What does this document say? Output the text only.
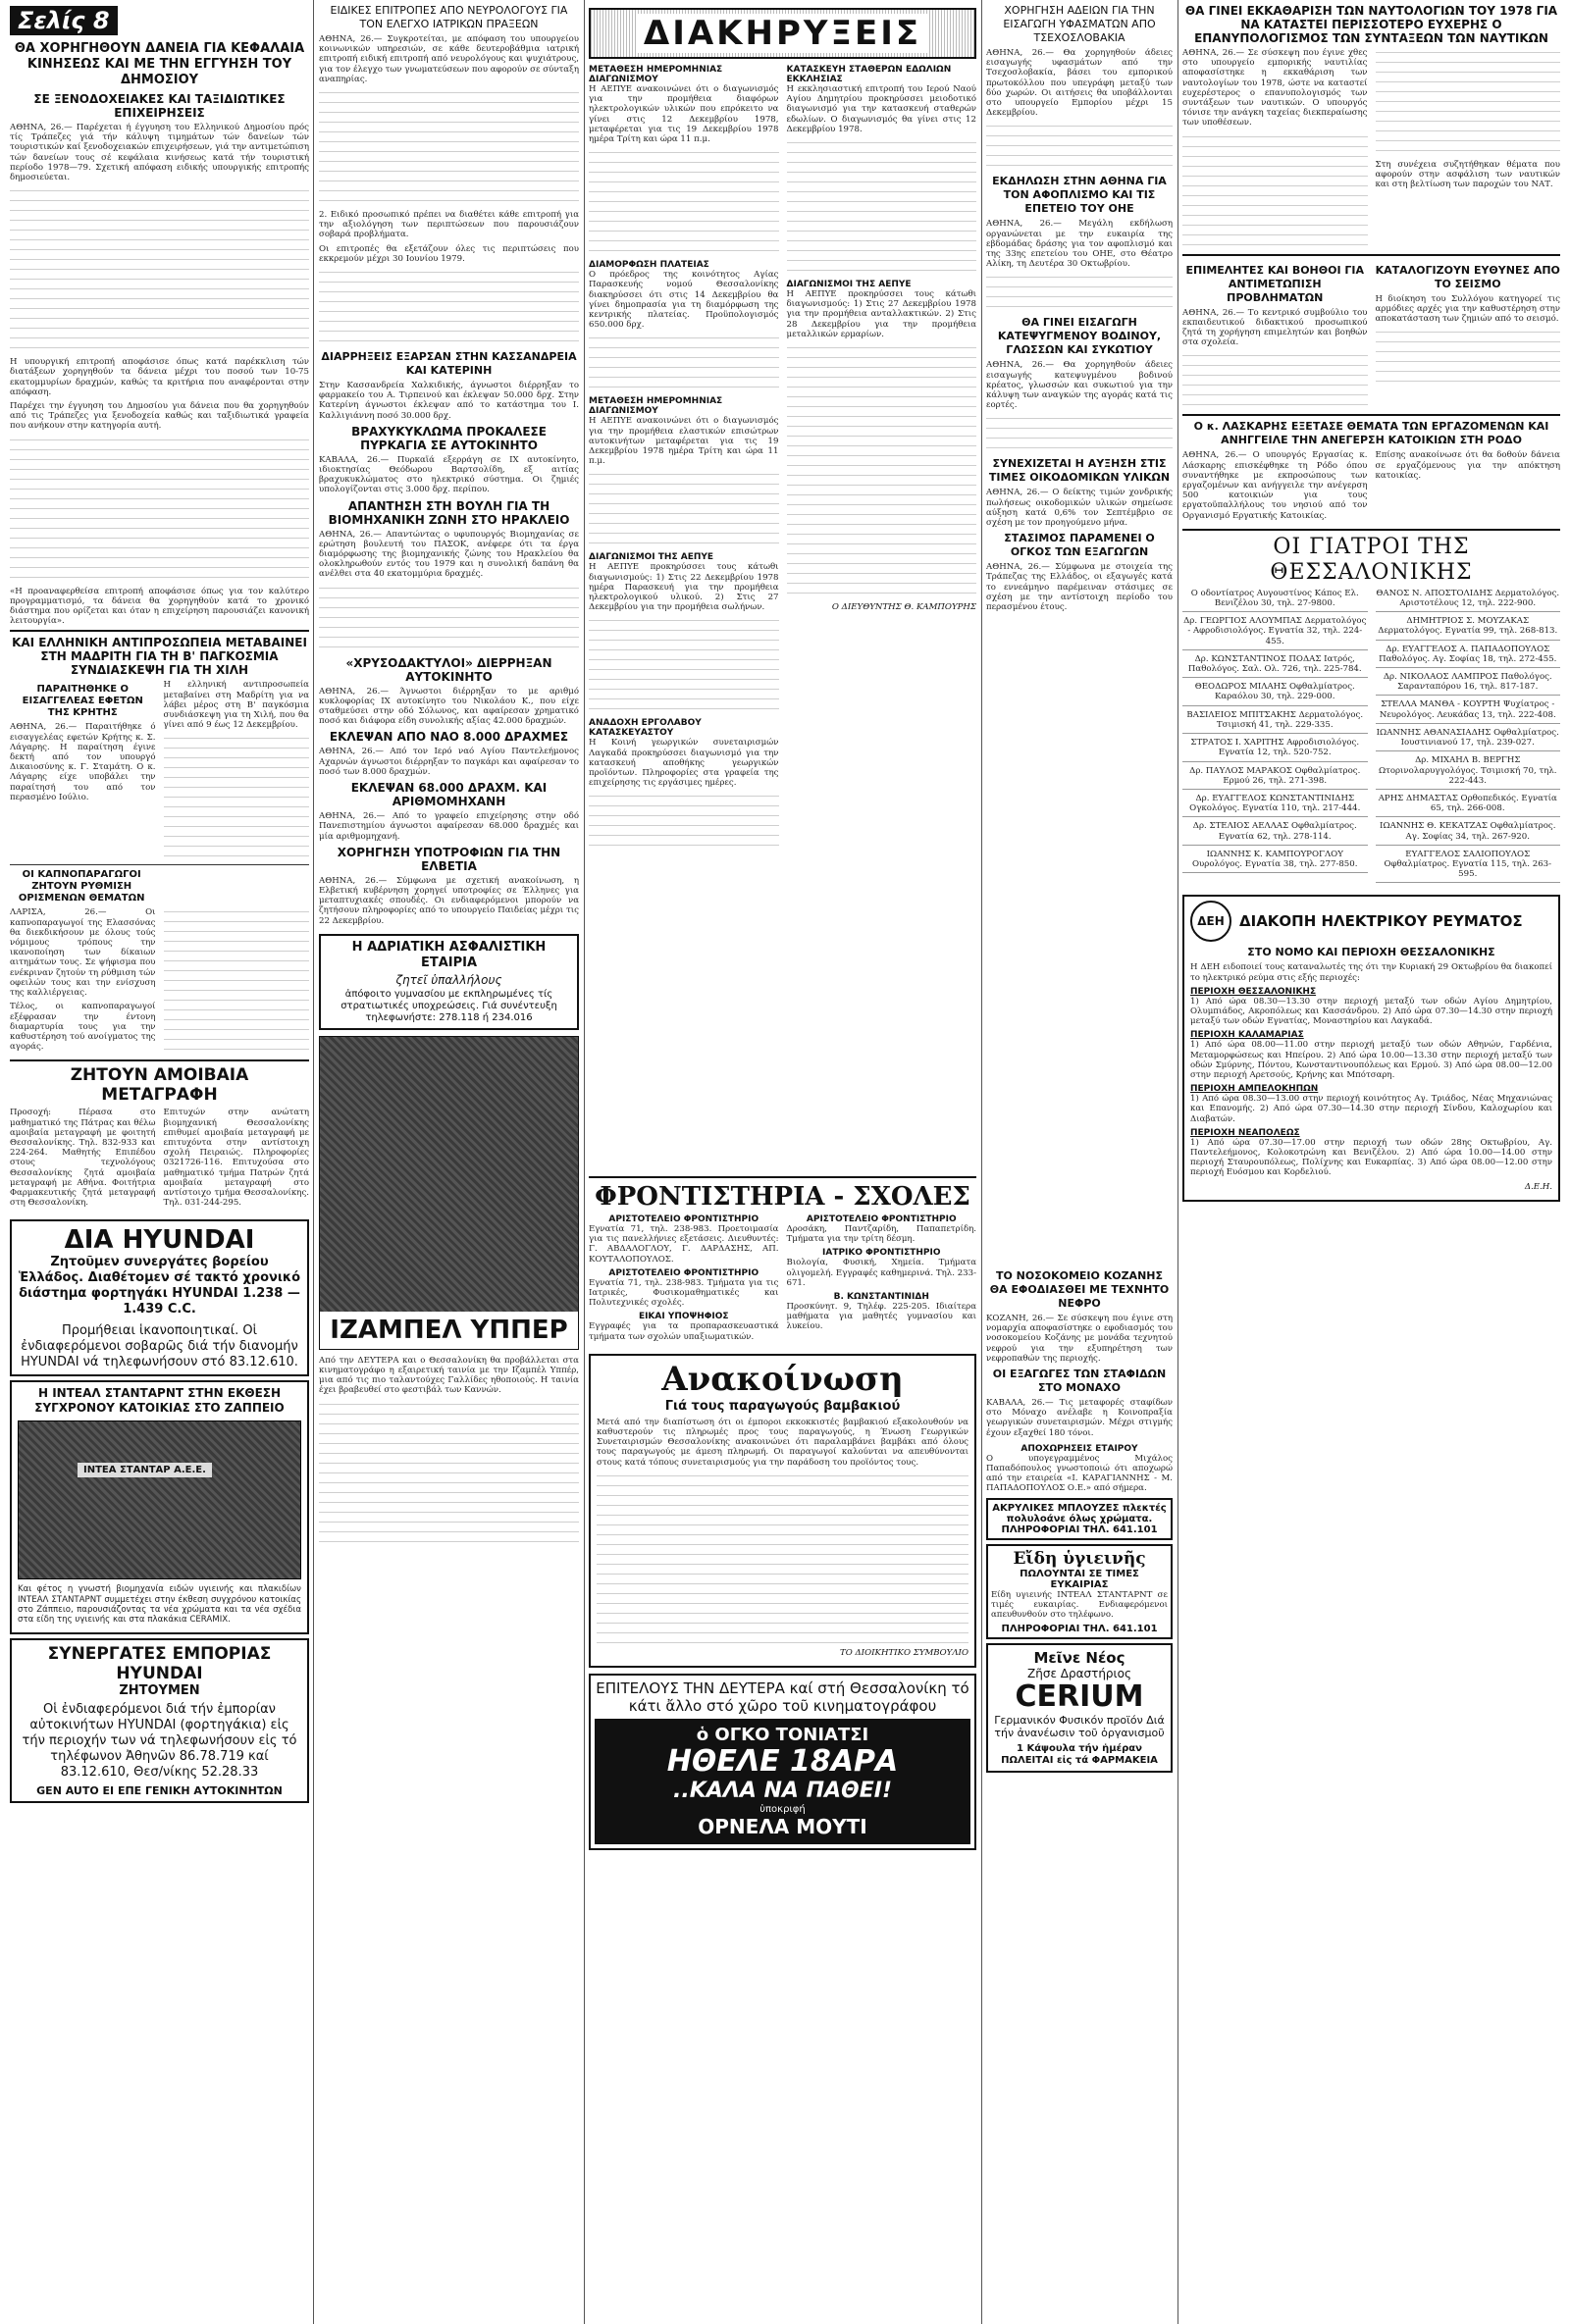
Σελίς 8
ΘΑ ΧΟΡΗΓΗΘΟΥΝ ΔΑΝΕΙΑ ΓΙΑ ΚΕΦΑΛΑΙΑ ΚΙΝΗΣΕΩΣ ΚΑΙ ΜΕ ΤΗΝ ΕΓΓΥΗΣΗ ΤΟΥ ΔΗΜΟΣΙΟΥ
ΣΕ ΞΕΝΟΔΟΧΕΙΑΚΕΣ ΚΑΙ ΤΑΞΙΔΙΩΤΙΚΕΣ ΕΠΙΧΕΙΡΗΣΕΙΣ

ΑΘΗΝΑ, 26.— Παρέχεται ή έγγυηση του Ελληνικού Δημοσίου πρός τίς Τράπεζες γιά τήν κάλυψη τιμημάτων τών δανείων τών τουριστικών καί ξενοδοχειακών επιχειρήσεων, γιά την αντιμετώπιση τών δανείων τους σέ κεφάλαια κινήσεως κατά τήν τουριστική περίοδο 1978—79. Σχετική απόφαση ειδικής υπουργικής επιτροπής δημοσιεύεται.

Η υπουργική επιτροπή αποφάσισε όπως κατά παρέκκλιση τών διατάξεων χορηγηθούν τα δάνεια μέχρι του ποσού των 10-75 εκατομμυρίων δραχμών, καθώς τα κριτήρια που αναφέρονται στην απόφαση.

Παρέχει την έγγυηση του Δημοσίου για δάνεια που θα χορηγηθούν από τις Τράπεζες για ξενοδοχεία καθώς και ταξιδιωτικά γραφεία που ανήκουν στην κατηγορία αυτή.

«Η προαναφερθείσα επιτροπή αποφάσισε όπως για τον καλύτερο προγραμματισμό, τα δάνεια θα χορηγηθούν κατά το χρονικό διάστημα που ορίζεται και όταν η επιχείρηση παρουσιάζει κανονική λειτουργία».

ΚΑΙ ΕΛΛΗΝΙΚΗ ΑΝΤΙΠΡΟΣΩΠΕΙΑ ΜΕΤΑΒΑΙΝΕΙ ΣΤΗ ΜΑΔΡΙΤΗ ΓΙΑ ΤΗ Β' ΠΑΓΚΟΣΜΙΑ ΣΥΝΔΙΑΣΚΕΨΗ ΓΙΑ ΤΗ ΧΙΛΗ
ΠΑΡΑΙΤΗΘΗΚΕ Ο ΕΙΣΑΓΓΕΛΕΑΣ ΕΦΕΤΩΝ ΤΗΣ ΚΡΗΤΗΣ

ΑΘΗΝΑ, 26.— Παραιτήθηκε ό εισαγγελέας εφετών Κρήτης κ. Σ. Λάγαρης. Η παραίτηση έγινε δεκτή από τον υπουργό Δικαιοσύνης κ. Γ. Σταμάτη. Ο κ. Λάγαρης είχε υποβάλει την παραίτησή του από τον περασμένο Ιούλιο.

Η ελληνική αντιπροσωπεία μεταβαίνει στη Μαδρίτη για να λάβει μέρος στη Β' παγκόσμια συνδιάσκεψη για τη Χιλή, που θα γίνει από 9 έως 12 Δεκεμβρίου.

ΟΙ ΚΑΠΝΟΠΑΡΑΓΩΓΟΙ ΖΗΤΟΥΝ ΡΥΘΜΙΣΗ ΟΡΙΣΜΕΝΩΝ ΘΕΜΑΤΩΝ

ΛΑΡΙΣΑ, 26.— Οι καπνοπαραγωγοί της Ελασσόνας θα διεκδικήσουν με όλους τούς νόμιμους τρόπους την ικανοποίηση των δίκαιων αιτημάτων τους. Σε ψήφισμα που ενέκριναν ζητούν τη ρύθμιση τών οφειλών τους και την ενίσχυση της καλλιέργειας.

Τέλος, οι καπνοπαραγωγοί εξέφρασαν την έντονη διαμαρτυρία τους για την καθυστέρηση τού ανοίγματος της αγοράς.

ΖΗΤΟΥΝ ΑΜΟΙΒΑΙΑ ΜΕΤΑΓΡΑΦΗ

Προσοχή: Πέρασα στο μαθηματικό της Πάτρας και θέλω αμοιβαία μεταγραφή με φοιτητή Θεσσαλονίκης. Τηλ. 832-933 και 224-264. Μαθητής Επιπέδου στους τεχνολόγους Θεσσαλονίκης ζητά αμοιβαία μεταγραφή με Αθήνα. Φοιτήτρια Φαρμακευτικής ζητά μεταγραφή στη Θεσσαλονίκη.

Επιτυχών στην ανώτατη βιομηχανική Θεσσαλονίκης επιθυμεί αμοιβαία μεταγραφή με επιτυχόντα στην αντίστοιχη σχολή Πειραιώς. Πληροφορίες 0321726-116. Επιτυχούσα στο μαθηματικό τμήμα Πατρών ζητά αμοιβαία μεταγραφή στο αντίστοιχο τμήμα Θεσσαλονίκης. Τηλ. 031-244-295.

ΔΙΑ HYUNDAI
Ζητοῦμεν συνεργάτες βορείου Ἑλλάδος. Διαθέτομεν σέ τακτό χρονικό διάστημα φορτηγάκι HYUNDAI 1.238 — 1.439 C.C.
Προμήθειαι ἱκανοποιητικαί. Οἱ ἐνδιαφερόμενοι σοβαρῶς διά τήν διανομήν HYUNDAI νά τηλεφωνήσουν στό 83.12.610.
Η ΙΝΤΕΑΛ ΣΤΑΝΤΑΡΝΤ ΣΤΗΝ ΕΚΘΕΣΗ ΣΥΓΧΡΟΝΟΥ ΚΑΤΟΙΚΙΑΣ ΣΤΟ ΖΑΠΠΕΙΟ
ΙΝΤΕΑ ΣΤΑΝΤΑΡ Α.Ε.Ε.

Και φέτος η γνωστή βιομηχανία ειδών υγιεινής και πλακιδίων ΙΝΤΕΑΛ ΣΤΑΝΤΑΡΝΤ συμμετέχει στην έκθεση συγχρόνου κατοικίας στο Ζάππειο, παρουσιάζοντας τα νέα χρώματα και τα νέα σχέδια στα είδη της υγιεινής και στα πλακάκια CERAMIX.

ΣΥΝΕΡΓΑΤΕΣ ΕΜΠΟΡΙΑΣ HYUNDAI
ΖΗΤΟΥΜΕΝ
Οἱ ἐνδιαφερόμενοι διά τήν ἐμπορίαν αὐτοκινήτων HYUNDAI (φορτηγάκια) εἰς τήν περιοχήν των νά τηλεφωνήσουν εἰς τό τηλέφωνον Ἀθηνῶν 86.78.719 καί 83.12.610, Θεσ/νίκης 52.28.33
GEN AUTO ΕΙ ΕΠΕ ΓΕΝΙΚΗ ΑΥΤΟΚΙΝΗΤΩΝ
ΕΙΔΙΚΕΣ ΕΠΙΤΡΟΠΕΣ ΑΠΟ ΝΕΥΡΟΛΟΓΟΥΣ ΓΙΑ ΤΟΝ ΕΛΕΓΧΟ ΙΑΤΡΙΚΩΝ ΠΡΑΞΕΩΝ

ΑΘΗΝΑ, 26.— Συγκροτείται, με απόφαση του υπουργείου κοινωνικών υπηρεσιών, σε κάθε δευτεροβάθμια ιατρική επιτροπή ειδική επιτροπή από νευρολόγους και ψυχιάτρους, για τον έλεγχο των γνωματεύσεων που αφορούν σε σύνταξη αναπηρίας.

2. Ειδικό προσωπικό πρέπει να διαθέτει κάθε επιτροπή για την αξιολόγηση των περιπτώσεων που παρουσιάζουν σοβαρά προβλήματα.

Οι επιτροπές θα εξετάζουν όλες τις περιπτώσεις που εκκρεμούν μέχρι 30 Ιουνίου 1979.

ΔΙΑΡΡΗΞΕΙΣ ΕΞΑΡΣΑΝ ΣΤΗΝ ΚΑΣΣΑΝΔΡΕΙΑ ΚΑΙ ΚΑΤΕΡΙΝΗ

Στην Κασσανδρεία Χαλκιδικής, άγνωστοι διέρρηξαν το φαρμακείο του Α. Τιρπεινού και έκλεψαν 50.000 δρχ. Στην Κατερίνη άγνωστοι έκλεψαν από το κατάστημα του Ι. Καλλιγιάννη ποσό 30.000 δρχ.

ΒΡΑΧΥΚΥΚΛΩΜΑ ΠΡΟΚΑΛΕΣΕ ΠΥΡΚΑΓΙΑ ΣΕ ΑΥΤΟΚΙΝΗΤΟ

ΚΑΒΑΛΑ, 26.— Πυρκαϊά εξερράγη σε ΙΧ αυτοκίνητο, ιδιοκτησίας Θεόδωρου Βαρτσολίδη, εξ αιτίας βραχυκυκλώματος στο ηλεκτρικό σύστημα. Οι ζημιές υπολογίζονται στις 3.000 δρχ. περίπου.

ΑΠΑΝΤΗΣΗ ΣΤΗ ΒΟΥΛΗ ΓΙΑ ΤΗ ΒΙΟΜΗΧΑΝΙΚΗ ΖΩΝΗ ΣΤΟ ΗΡΑΚΛΕΙΟ

ΑΘΗΝΑ, 26.— Απαντώντας ο υφυπουργός Βιομηχανίας σε ερώτηση βουλευτή του ΠΑΣΟΚ, ανέφερε ότι τα έργα διαμόρφωσης της βιομηχανικής ζώνης του Ηρακλείου θα ολοκληρωθούν εντός του 1979 και η συνολική δαπάνη θα ανέλθει στα 40 εκατομμύρια δραχμές.

«ΧΡΥΣΟΔΑΚΤΥΛΟΙ» ΔΙΕΡΡΗΞΑΝ ΑΥΤΟΚΙΝΗΤΟ

ΑΘΗΝΑ, 26.— Άγνωστοι διέρρηξαν το με αριθμό κυκλοφορίας ΙΧ αυτοκίνητο του Νικολάου Κ., που είχε σταθμεύσει στην οδό Σόλωνος, και αφαίρεσαν χρηματικό ποσό και διάφορα είδη συνολικής αξίας 42.000 δραχμών.

ΕΚΛΕΨΑΝ ΑΠΟ ΝΑΟ 8.000 ΔΡΑΧΜΕΣ

ΑΘΗΝΑ, 26.— Από τον Ιερό ναό Αγίου Παντελεήμονος Αχαρνών άγνωστοι διέρρηξαν το παγκάρι και αφαίρεσαν το ποσό των 8.000 δραχμών.

ΕΚΛΕΨΑΝ 68.000 ΔΡΑΧΜ. ΚΑΙ ΑΡΙΘΜΟΜΗΧΑΝΗ

ΑΘΗΝΑ, 26.— Από το γραφείο επιχείρησης στην οδό Πανεπιστημίου άγνωστοι αφαίρεσαν 68.000 δραχμές και μία αριθμομηχανή.

ΧΟΡΗΓΗΣΗ ΥΠΟΤΡΟΦΙΩΝ ΓΙΑ ΤΗΝ ΕΛΒΕΤΙΑ

ΑΘΗΝΑ, 26.— Σύμφωνα με σχετική ανακοίνωση, η Ελβετική κυβέρνηση χορηγεί υποτροφίες σε Έλληνες για μεταπτυχιακές σπουδές. Οι ενδιαφερόμενοι μπορούν να ζητήσουν πληροφορίες από το υπουργείο Παιδείας μέχρι τις 22 Δεκεμβρίου.

Η ΑΔΡΙΑΤΙΚΗ ΑΣΦΑΛΙΣΤΙΚΗ ΕΤΑΙΡΙΑ
ζητεῖ ὑπαλλήλους
ἀπόφοιτο γυμνασίου με εκπληρωμένες τίς στρατιωτικές υποχρεώσεις. Γιά συνέντευξη τηλεφωνήστε: 278.118 ή 234.016
ΙΖΑΜΠΕΛ ΥΠΠΕΡ

Από την ΔΕΥΤΕΡΑ και ο Θεσσαλονίκη θα προβάλλεται στα κινηματογράφο η εξαιρετική ταινία με την Ιζαμπέλ Υππέρ, μια από τις πιο ταλαντούχες Γαλλίδες ηθοποιούς. Η ταινία έχει βραβευθεί στο φεστιβάλ των Καννών.

ΔΙΑΚΗΡΥΞΕΙΣ
ΜΕΤΑΘΕΣΗ ΗΜΕΡΟΜΗΝΙΑΣ ΔΙΑΓΩΝΙΣΜΟΥ

Η ΑΕΠΥΕ ανακοινώνει ότι ο διαγωνισμός για την προμήθεια διαφόρων ηλεκτρολογικών υλικών που επρόκειτο να γίνει στις 12 Δεκεμβρίου 1978, μεταφέρεται για τις 19 Δεκεμβρίου 1978 ημέρα Τρίτη και ώρα 11 π.μ.

ΔΙΑΜΟΡΦΩΣΗ ΠΛΑΤΕΙΑΣ

Ο πρόεδρος της κοινότητος Αγίας Παρασκευής νομού Θεσσαλονίκης διακηρύσσει ότι στις 14 Δεκεμβρίου θα γίνει δημοπρασία για τη διαμόρφωση της κεντρικής πλατείας. Προϋπολογισμός 650.000 δρχ.

ΜΕΤΑΘΕΣΗ ΗΜΕΡΟΜΗΝΙΑΣ ΔΙΑΓΩΝΙΣΜΟΥ

Η ΑΕΠΥΕ ανακοινώνει ότι ο διαγωνισμός για την προμήθεια ελαστικών επισώτρων αυτοκινήτων μεταφέρεται για τις 19 Δεκεμβρίου 1978 ημέρα Τρίτη και ώρα 11 π.μ.

ΔΙΑΓΩΝΙΣΜΟΙ ΤΗΣ ΑΕΠΥΕ

Η ΑΕΠΥΕ προκηρύσσει τους κάτωθι διαγωνισμούς: 1) Στις 22 Δεκεμβρίου 1978 ημέρα Παρασκευή για την προμήθεια ηλεκτρολογικού υλικού. 2) Στις 27 Δεκεμβρίου για την προμήθεια σωλήνων.

ΑΝΑΔΟΧΗ ΕΡΓΟΛΑΒΟΥ ΚΑΤΑΣΚΕΥΑΣΤΟΥ

Η Κοινή γεωργικών συνεταιρισμών Λαγκαδά προκηρύσσει διαγωνισμό για την κατασκευή αποθήκης γεωργικών προϊόντων. Πληροφορίες στα γραφεία της επιχείρησης τις εργάσιμες ημέρες.

ΚΑΤΑΣΚΕΥΗ ΣΤΑΘΕΡΩΝ ΕΔΩΛΙΩΝ ΕΚΚΛΗΣΙΑΣ

Η εκκλησιαστική επιτροπή του Ιερού Ναού Αγίου Δημητρίου προκηρύσσει μειοδοτικό διαγωνισμό για την κατασκευή σταθερών εδωλίων. Ο διαγωνισμός θα γίνει στις 12 Δεκεμβρίου 1978.

ΔΙΑΓΩΝΙΣΜΟΙ ΤΗΣ ΑΕΠΥΕ

Η ΑΕΠΥΕ προκηρύσσει τους κάτωθι διαγωνισμούς: 1) Στις 27 Δεκεμβρίου 1978 για την προμήθεια ανταλλακτικών. 2) Στις 28 Δεκεμβρίου για την προμήθεια μεταλλικών ερμαρίων.

Ο ΔΙΕΥΘΥΝΤΗΣ Θ. ΚΑΜΠΟΥΡΗΣ
ΧΟΡΗΓΗΣΗ ΑΔΕΙΩΝ ΓΙΑ ΤΗΝ ΕΙΣΑΓΩΓΗ ΥΦΑΣΜΑΤΩΝ ΑΠΟ ΤΣΕΧΟΣΛΟΒΑΚΙΑ

ΑΘΗΝΑ, 26.— Θα χορηγηθούν άδειες εισαγωγής υφασμάτων από την Τσεχοσλοβακία, βάσει του εμπορικού πρωτοκόλλου που υπεγράφη μεταξύ των δύο χωρών. Οι αιτήσεις θα υποβάλλονται στο υπουργείο Εμπορίου μέχρι 15 Δεκεμβρίου.

ΕΚΔΗΛΩΣΗ ΣΤΗΝ ΑΘΗΝΑ ΓΙΑ ΤΟΝ ΑΦΟΠΛΙΣΜΟ ΚΑΙ ΤΙΣ ΕΠΕΤΕΙΟ ΤΟΥ ΟΗΕ

ΑΘΗΝΑ, 26.— Μεγάλη εκδήλωση οργανώνεται με την ευκαιρία της εβδομάδας δράσης για τον αφοπλισμό και της 33ης επετείου του ΟΗΕ, στο Θέατρο Αλίκη, τη Δευτέρα 30 Οκτωβρίου.

ΘΑ ΓΙΝΕΙ ΕΙΣΑΓΩΓΗ ΚΑΤΕΨΥΓΜΕΝΟΥ ΒΟΔΙΝΟΥ, ΓΛΩΣΣΩΝ ΚΑΙ ΣΥΚΩΤΙΟΥ

ΑΘΗΝΑ, 26.— Θα χορηγηθούν άδειες εισαγωγής κατεψυγμένου βοδινού κρέατος, γλωσσών και συκωτιού για την κάλυψη των αναγκών της αγοράς κατά τις εορτές.

ΣΥΝΕΧΙΖΕΤΑΙ Η ΑΥΞΗΣΗ ΣΤΙΣ ΤΙΜΕΣ ΟΙΚΟΔΟΜΙΚΩΝ ΥΛΙΚΩΝ

ΑΘΗΝΑ, 26.— Ο δείκτης τιμών χονδρικής πωλήσεως οικοδομικών υλικών σημείωσε αύξηση κατά 0,6% τον Σεπτέμβριο σε σχέση με τον προηγούμενο μήνα.

ΣΤΑΣΙΜΟΣ ΠΑΡΑΜΕΝΕΙ Ο ΟΓΚΟΣ ΤΩΝ ΕΞΑΓΩΓΩΝ

ΑΘΗΝΑ, 26.— Σύμφωνα με στοιχεία της Τράπεζας της Ελλάδος, οι εξαγωγές κατά το εννεάμηνο παρέμειναν στάσιμες σε σχέση με την αντίστοιχη περίοδο του περασμένου έτους.

ΤΟ ΝΟΣΟΚΟΜΕΙΟ ΚΟΖΑΝΗΣ ΘΑ ΕΦΟΔΙΑΣΘΕΙ ΜΕ ΤΕΧΝΗΤΟ ΝΕΦΡΟ

ΚΟΖΑΝΗ, 26.— Σε σύσκεψη που έγινε στη νομαρχία αποφασίστηκε ο εφοδιασμός του νοσοκομείου Κοζάνης με μονάδα τεχνητού νεφρού για την εξυπηρέτηση των νεφροπαθών της περιοχής.

ΟΙ ΕΞΑΓΩΓΕΣ ΤΩΝ ΣΤΑΦΙΔΩΝ ΣΤΟ ΜΟΝΑΧΟ

ΚΑΒΑΛΑ, 26.— Τις μεταφορές σταφίδων στο Μόναχο ανέλαβε η Κοινοπραξία γεωργικών συνεταιρισμών. Μέχρι στιγμής έχουν εξαχθεί 180 τόνοι.

ΑΠΟΧΩΡΗΣΕΙΣ ΕΤΑΙΡΟΥ

Ο υπογεγραμμένος Μιχάλος Παπαδόπουλος γνωστοποιώ ότι αποχωρώ από την εταιρεία «Ι. ΚΑΡΑΓΙΑΝΝΗΣ - Μ. ΠΑΠΑΔΟΠΟΥΛΟΣ Ο.Ε.» από σήμερα.

ΑΚΡΥΛΙΚΕΣ ΜΠΛΟΥΖΕΣ πλεκτές πολυλοάνε όλως χρώματα. ΠΛΗΡΟΦΟΡΙΑΙ ΤΗΛ. 641.101
Εἴδη ὑγιεινῆς
ΠΩΛΟΥΝΤΑΙ ΣΕ ΤΙΜΕΣ ΕΥΚΑΙΡΙΑΣ

Είδη υγιεινής ΙΝΤΕΑΛ ΣΤΑΝΤΑΡΝΤ σε τιμές ευκαιρίας. Ενδιαφερόμενοι απευθυνθούν στο τηλέφωνο.

ΠΛΗΡΟΦΟΡΙΑΙ ΤΗΛ. 641.101
Μεῖνε Νέος
Ζῆσε Δραστήριος
CERIUM
Γερμανικόν Φυσικόν προϊόν Διά τήν ἀνανέωσιν τοῦ ὀργανισμοῦ
1 Κάψουλα τήν ἡμέραν ΠΩΛΕΙΤΑΙ εἰς τά ΦΑΡΜΑΚΕΙΑ
ΦΡΟΝΤΙΣΤΗΡΙΑ - ΣΧΟΛΕΣ
ΑΡΙΣΤΟΤΕΛΕΙΟ ΦΡΟΝΤΙΣΤΗΡΙΟ

Εγνατία 71, τηλ. 238-983. Προετοιμασία για τις πανελλήνιες εξετάσεις. Διευθυντές: Γ. ΑΒΔΑΛΟΓΛΟΥ, Γ. ΔΑΡΔΑΣΗΣ, ΑΠ. ΚΟΥΤΑΛΟΠΟΥΛΟΣ.

ΑΡΙΣΤΟΤΕΛΕΙΟ ΦΡΟΝΤΙΣΤΗΡΙΟ

Εγνατία 71, τηλ. 238-983. Τμήματα για τις Ιατρικές, Φυσικομαθηματικές και Πολυτεχνικές σχολές.

ΕΙΚΑΙ ΥΠΟΨΗΦΙΟΣ

Εγγραφές για τα προπαρασκευαστικά τμήματα των σχολών υπαξιωματικών.

ΑΡΙΣΤΟΤΕΛΕΙΟ ΦΡΟΝΤΙΣΤΗΡΙΟ

Δροσάκη, Παντζαρίδη, Παπαπετρίδη. Τμήματα για την τρίτη δέσμη.

ΙΑΤΡΙΚΟ ΦΡΟΝΤΙΣΤΗΡΙΟ

Βιολογία, Φυσική, Χημεία. Τμήματα ολιγομελή. Εγγραφές καθημερινά. Τηλ. 233-671.

Β. ΚΩΝΣΤΑΝΤΙΝΙΔΗ

Προσκύνητ. 9, Τηλέφ. 225-205. Ιδιαίτερα μαθήματα για μαθητές γυμνασίου και λυκείου.

Ανακοίνωση
Γιά τους παραγωγούς βαμβακιού

Μετά από την διαπίστωση ότι οι έμποροι εκκοκκιστές βαμβακιού εξακολουθούν να καθυστερούν τις πληρωμές προς τους παραγωγούς, η Ένωση Γεωργικών Συνεταιρισμών Θεσσαλονίκης ανακοινώνει ότι παραλαμβάνει βαμβάκι από όλους τους παραγωγούς με άμεση πληρωμή. Οι παραγωγοί καλούνται να απευθύνονται στους κατά τόπους συνεταιρισμούς για την παράδοση του προϊόντος τους.

ΤΟ ΔΙΟΙΚΗΤΙΚΟ ΣΥΜΒΟΥΛΙΟ
ΕΠΙΤΕΛΟΥΣ ΤΗΝ ΔΕΥΤΕΡΑ καί στή Θεσσαλονίκη τό κάτι ἄλλο στό χῶρο τοῦ κινηματογράφου
ὁ ΟΓΚΟ ΤΟΝΙΑΤΣΙ
ΗΘΕΛΕ 18ΑΡΑ
..ΚΑΛΑ ΝΑ ΠΑΘΕΙ!
ὑποκριφή
ΟΡΝΕΛΑ ΜΟΥΤΙ
ΘΑ ΓΙΝΕΙ ΕΚΚΑΘΑΡΙΣΗ ΤΩΝ ΝΑΥΤΟΛΟΓΙΩΝ ΤΟΥ 1978 ΓΙΑ ΝΑ ΚΑΤΑΣΤΕΙ ΠΕΡΙΣΣΟΤΕΡΟ ΕΥΧΕΡΗΣ Ο ΕΠΑΝΥΠΟΛΟΓΙΣΜΟΣ ΤΩΝ ΣΥΝΤΑΞΕΩΝ ΤΩΝ ΝΑΥΤΙΚΩΝ

ΑΘΗΝΑ, 26.— Σε σύσκεψη που έγινε χθες στο υπουργείο εμπορικής ναυτιλίας αποφασίστηκε η εκκαθάριση των ναυτολογίων του 1978, ώστε να καταστεί ευχερέστερος ο επανυπολογισμός των συντάξεων των ναυτικών. Ο υπουργός τόνισε την ανάγκη ταχείας διεκπεραίωσης των υποθέσεων.

Στη συνέχεια συζητήθηκαν θέματα που αφορούν στην ασφάλιση των ναυτικών και στη βελτίωση των παροχών του ΝΑΤ.

ΕΠΙΜΕΛΗΤΕΣ ΚΑΙ ΒΟΗΘΟΙ ΓΙΑ ΑΝΤΙΜΕΤΩΠΙΣΗ ΠΡΟΒΛΗΜΑΤΩΝ

ΑΘΗΝΑ, 26.— Το κεντρικό συμβούλιο του εκπαιδευτικού διδακτικού προσωπικού ζητά τη χορήγηση επιμελητών και βοηθών στα σχολεία.

ΚΑΤΑΛΟΓΙΖΟΥΝ ΕΥΘΥΝΕΣ ΑΠΟ ΤΟ ΣΕΙΣΜΟ

Η διοίκηση του Συλλόγου κατηγορεί τις αρμόδιες αρχές για την καθυστέρηση στην αποκατάσταση των ζημιών από το σεισμό.

Ο κ. ΛΑΣΚΑΡΗΣ ΕΞΕΤΑΣΕ ΘΕΜΑΤΑ ΤΩΝ ΕΡΓΑΖΟΜΕΝΩΝ ΚΑΙ ΑΝΗΓΓΕΙΛΕ ΤΗΝ ΑΝΕΓΕΡΣΗ ΚΑΤΟΙΚΙΩΝ ΣΤΗ ΡΟΔΟ

ΑΘΗΝΑ, 26.— Ο υπουργός Εργασίας κ. Λάσκαρης επισκέφθηκε τη Ρόδο όπου συναντήθηκε με εκπροσώπους των εργαζομένων και ανήγγειλε την ανέγερση 500 κατοικιών για τους εργατοϋπαλλήλους του νησιού από τον Οργανισμό Εργατικής Κατοικίας.

Επίσης ανακοίνωσε ότι θα δοθούν δάνεια σε εργαζόμενους για την απόκτηση κατοικίας.

ΟΙ ΓΙΑΤΡΟΙ ΤΗΣ ΘΕΣΣΑΛΟΝΙΚΗΣ

Ο οδοντίατρος Αυγουστίνος Κάπος Ελ. Βενιζέλου 30, τηλ. 27-9800.

Δρ. ΓΕΩΡΓΙΟΣ ΑΛΟΥΜΠΑΣ Δερματολόγος - Αφροδισιολόγος. Εγνατία 32, τηλ. 224-455.

Δρ. ΚΩΝΣΤΑΝΤΙΝΟΣ ΠΟΔΑΣ Ιατρός, Παθολόγος. Σαλ. Ολ. 726, τηλ. 225-784.

ΘΕΟΔΩΡΟΣ ΜΙΛΑΗΣ Οφθαλμίατρος. Καραόλου 30, τηλ. 229-000.

ΒΑΣΙΛΕΙΟΣ ΜΠΙΤΣΑΚΗΣ Δερματολόγος. Τσιμισκή 41, τηλ. 229-335.

ΣΤΡΑΤΟΣ Ι. ΧΑΡΙΤΗΣ Αφροδισιολόγος. Εγνατία 12, τηλ. 520-752.

Δρ. ΠΑΥΛΟΣ ΜΑΡΑΚΟΣ Οφθαλμίατρος. Ερμού 26, τηλ. 271-398.

Δρ. ΕΥΑΓΓΕΛΟΣ ΚΩΝΣΤΑΝΤΙΝΙΔΗΣ Ογκολόγος. Εγνατία 110, τηλ. 217-444.

Δρ. ΣΤΕΛΙΟΣ ΑΕΛΛΑΣ Οφθαλμίατρος. Εγνατία 62, τηλ. 278-114.

ΙΩΑΝΝΗΣ Κ. ΚΑΜΠΟΥΡΟΓΛΟΥ Ουρολόγος. Εγνατία 38, τηλ. 277-850.

ΘΑΝΟΣ Ν. ΑΠΟΣΤΟΛΙΔΗΣ Δερματολόγος. Αριστοτέλους 12, τηλ. 222-900.

ΔΗΜΗΤΡΙΟΣ Σ. ΜΟΥΖΑΚΑΣ Δερματολόγος. Εγνατία 99, τηλ. 268-813.

Δρ. ΕΥΑΓΓΕΛΟΣ Α. ΠΑΠΑΔΟΠΟΥΛΟΣ Παθολόγος. Αγ. Σοφίας 18, τηλ. 272-455.

Δρ. ΝΙΚΟΛΑΟΣ ΛΑΜΠΡΟΣ Παθολόγος. Σαρανταπόρου 16, τηλ. 817-187.

ΣΤΕΛΛΑ ΜΑΝΘΑ - ΚΟΥΡΤΗ Ψυχίατρος - Νευρολόγος. Λευκάδας 13, τηλ. 222-408.

ΙΩΑΝΝΗΣ ΑΘΑΝΑΣΙΑΔΗΣ Οφθαλμίατρος. Ιουστινιανού 17, τηλ. 239-027.

Δρ. ΜΙΧΑΗΛ Β. ΒΕΡΓΗΣ Ωτορινολαρυγγολόγος. Τσιμισκή 70, τηλ. 222-443.

ΑΡΗΣ ΔΗΜΑΣΤΑΣ Ορθοπεδικός. Εγνατία 65, τηλ. 266-008.

ΙΩΑΝΝΗΣ Θ. ΚΕΚΑΤΖΑΣ Οφθαλμίατρος. Αγ. Σοφίας 34, τηλ. 267-920.

ΕΥΑΓΓΕΛΟΣ ΣΑΛΙΟΠΟΥΛΟΣ Οφθαλμίατρος. Εγνατία 115, τηλ. 263-595.

ΔΕΗ	ΔΙΑΚΟΠΗ ΗΛΕΚΤΡΙΚΟΥ ΡΕΥΜΑΤΟΣ
ΣΤΟ ΝΟΜΟ ΚΑΙ ΠΕΡΙΟΧΗ ΘΕΣΣΑΛΟΝΙΚΗΣ

Η ΔΕΗ ειδοποιεί τους καταναλωτές της ότι την Κυριακή 29 Οκτωβρίου θα διακοπεί το ηλεκτρικό ρεύμα στις εξής περιοχές:

ΠΕΡΙΟΧΗ ΘΕΣΣΑΛΟΝΙΚΗΣ

1) Από ώρα 08.30—13.30 στην περιοχή μεταξύ των οδών Αγίου Δημητρίου, Ολυμπιάδος, Ακροπόλεως και Κασσάνδρου. 2) Από ώρα 07.30—14.30 στην περιοχή μεταξύ των οδών Εγνατίας, Μοναστηρίου και Λαγκαδά.

ΠΕΡΙΟΧΗ ΚΑΛΑΜΑΡΙΑΣ

1) Από ώρα 08.00—11.00 στην περιοχή μεταξύ των οδών Αθηνών, Γαρδένια, Μεταμορφώσεως και Ηπείρου. 2) Από ώρα 10.00—13.30 στην περιοχή μεταξύ των οδών Σμύρνης, Πόντου, Κωνσταντινουπόλεως και Ερμού. 3) Από ώρα 08.00—12.00 στην περιοχή Αρετσούς, Κρήνης και Μπότσαρη.

ΠΕΡΙΟΧΗ ΑΜΠΕΛΟΚΗΠΩΝ

1) Από ώρα 08.30—13.00 στην περιοχή κοινότητος Αγ. Τριάδος, Νέας Μηχανιώνας και Επανομής. 2) Από ώρα 07.30—14.30 στην περιοχή Σίνδου, Καλοχωρίου και Διαβατών.

ΠΕΡΙΟΧΗ ΝΕΑΠΟΛΕΩΣ

1) Από ώρα 07.30—17.00 στην περιοχή των οδών 28ης Οκτωβρίου, Αγ. Παντελεήμονος, Κολοκοτρώνη και Βενιζέλου. 2) Από ώρα 10.00—14.00 στην περιοχή Σταυρουπόλεως, Πολίχνης και Ευκαρπίας. 3) Από ώρα 08.00—12.00 στην περιοχή Ευόσμου και Κορδελιού.

Δ.Ε.Η.
